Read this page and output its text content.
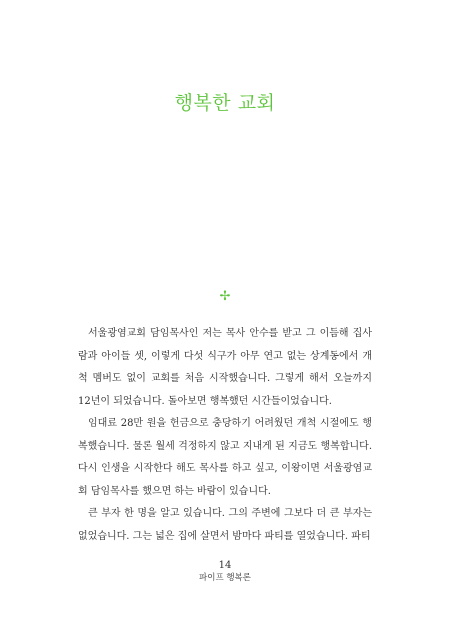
행복한 교회
✢

서울광염교회 담임목사인 저는 목사 안수를 받고 그 이듬해 집사람과 아이들 셋, 이렇게 다섯 식구가 아무 연고 없는 상계동에서 개척 멤버도 없이 교회를 처음 시작했습니다. 그렇게 해서 오늘까지 12년이 되었습니다. 돌아보면 행복했던 시간들이었습니다.

임대료 28만 원을 헌금으로 충당하기 어려웠던 개척 시절에도 행복했습니다. 물론 월세 걱정하지 않고 지내게 된 지금도 행복합니다. 다시 인생을 시작한다 해도 목사를 하고 싶고, 이왕이면 서울광염교회 담임목사를 했으면 하는 바람이 있습니다.

큰 부자 한 명을 알고 있습니다. 그의 주변에 그보다 더 큰 부자는 없었습니다. 그는 넓은 집에 살면서 밤마다 파티를 열었습니다. 파티

14
파이프 행복론
